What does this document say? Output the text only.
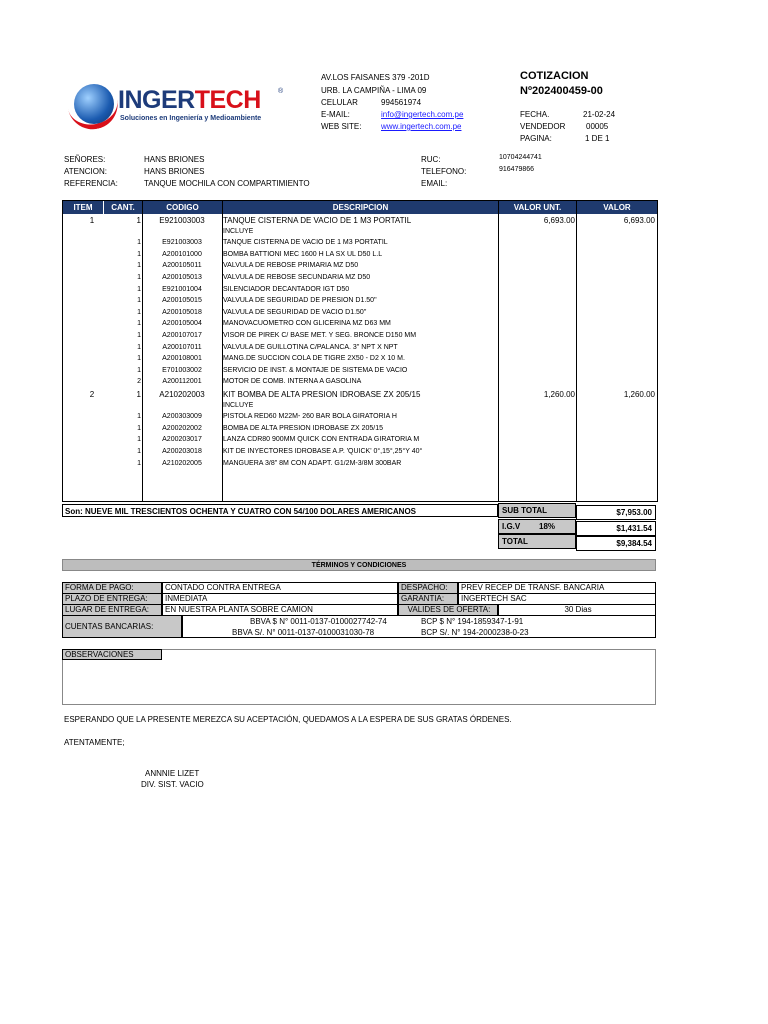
INGERTECH ®
Soluciones en Ingeniería y Medioambiente
AV.LOS FAISANES 379 -201D
URB. LA CAMPIÑA - LIMA 09
CELULAR	994561974
E-MAIL:	info@ingertech.com.pe
WEB SITE: www.ingertech.com.pe
COTIZACION
Nº202400459-00
FECHA.	21-02-24
VENDEDOR	00005
PAGINA:	1 DE 1
SEÑORES:	HANS BRIONES
ATENCION:	HANS BRIONES
REFERENCIA:	TANQUE MOCHILA CON COMPARTIMIENTO
RUC:	10704244741
TELEFONO:	916479866
EMAIL:
ITEM	CANT.	CODIGO	DESCRIPCION	VALOR UNT.	VALOR
1	1	E921003003	TANQUE CISTERNA DE VACIO DE 1 M3 PORTATIL	6,693.00	6,693.00
INCLUYE
1	E921003003	TANQUE CISTERNA DE VACIO DE 1 M3 PORTATIL
1	A200101000	BOMBA BATTIONI MEC 1600 H LA SX UL D50 L.L
1	A200105011	VALVULA DE REBOSE PRIMARIA MZ D50
1	A200105013	VALVULA DE REBOSE SECUNDARIA MZ D50
1	E921001004	SILENCIADOR DECANTADOR IGT D50
1	A200105015	VALVULA DE SEGURIDAD DE PRESION D1.50"
1	A200105018	VALVULA DE SEGURIDAD DE VACIO D1.50"
1	A200105004	MANOVACUOMETRO CON GLICERINA MZ D63 MM
1	A200107017	VISOR DE PIREK C/ BASE MET. Y SEG. BRONCE D150 MM
1	A200107011	VALVULA DE GUILLOTINA C/PALANCA. 3" NPT X NPT
1	A200108001	MANG.DE SUCCION COLA DE TIGRE 2X50 - D2 X 10 M.
1	E701003002	SERVICIO DE INST. & MONTAJE DE SISTEMA DE VACIO
2	A200112001	MOTOR DE COMB. INTERNA A GASOLINA
2	1	A210202003	KIT BOMBA DE ALTA PRESION IDROBASE ZX 205/15	1,260.00	1,260.00
INCLUYE
1	A200303009	PISTOLA RED60 M22M- 260 BAR BOLA GIRATORIA H
1	A200202002	BOMBA DE ALTA PRESION IDROBASE ZX 205/15
1	A200203017	LANZA CDR80 900MM QUICK CON ENTRADA GIRATORIA M
1	A200203018	KIT DE INYECTORES IDROBASE A.P. 'QUICK' 0°,15°,25°Y 40°
1	A210202005	MANGUERA 3/8" 8M CON ADAPT. G1/2M-3/8M 300BAR
Son: NUEVE MIL TRESCIENTOS OCHENTA Y CUATRO CON 54/100 DOLARES AMERICANOS	SUB TOTAL	$7,953.00
I.G.V 18%	$1,431.54
TOTAL	$9,384.54
TÉRMINOS Y CONDICIONES
FORMA DE PAGO:	CONTADO CONTRA ENTREGA	DESPACHO:	PREV RECEP DE TRANSF. BANCARIA
PLAZO DE ENTREGA:	INMEDIATA	GARANTIA:	INGERTECH SAC
LUGAR DE ENTREGA:	EN NUESTRA PLANTA SOBRE CAMION	VALIDES DE OFERTA:	30 Dias
CUENTAS BANCARIAS:
BBVA $ N° 0011-0137-0100027742-74
BBVA S/. N° 0011-0137-0100031030-78
BCP $ N° 194-1859347-1-91
BCP S/. N° 194-2000238-0-23
OBSERVACIONES
ESPERANDO QUE LA PRESENTE MEREZCA SU ACEPTACIÓN, QUEDAMOS A LA ESPERA DE SUS GRATAS ÓRDENES.
ATENTAMENTE;
ANNNIE LIZET
DIV. SIST. VACIO
